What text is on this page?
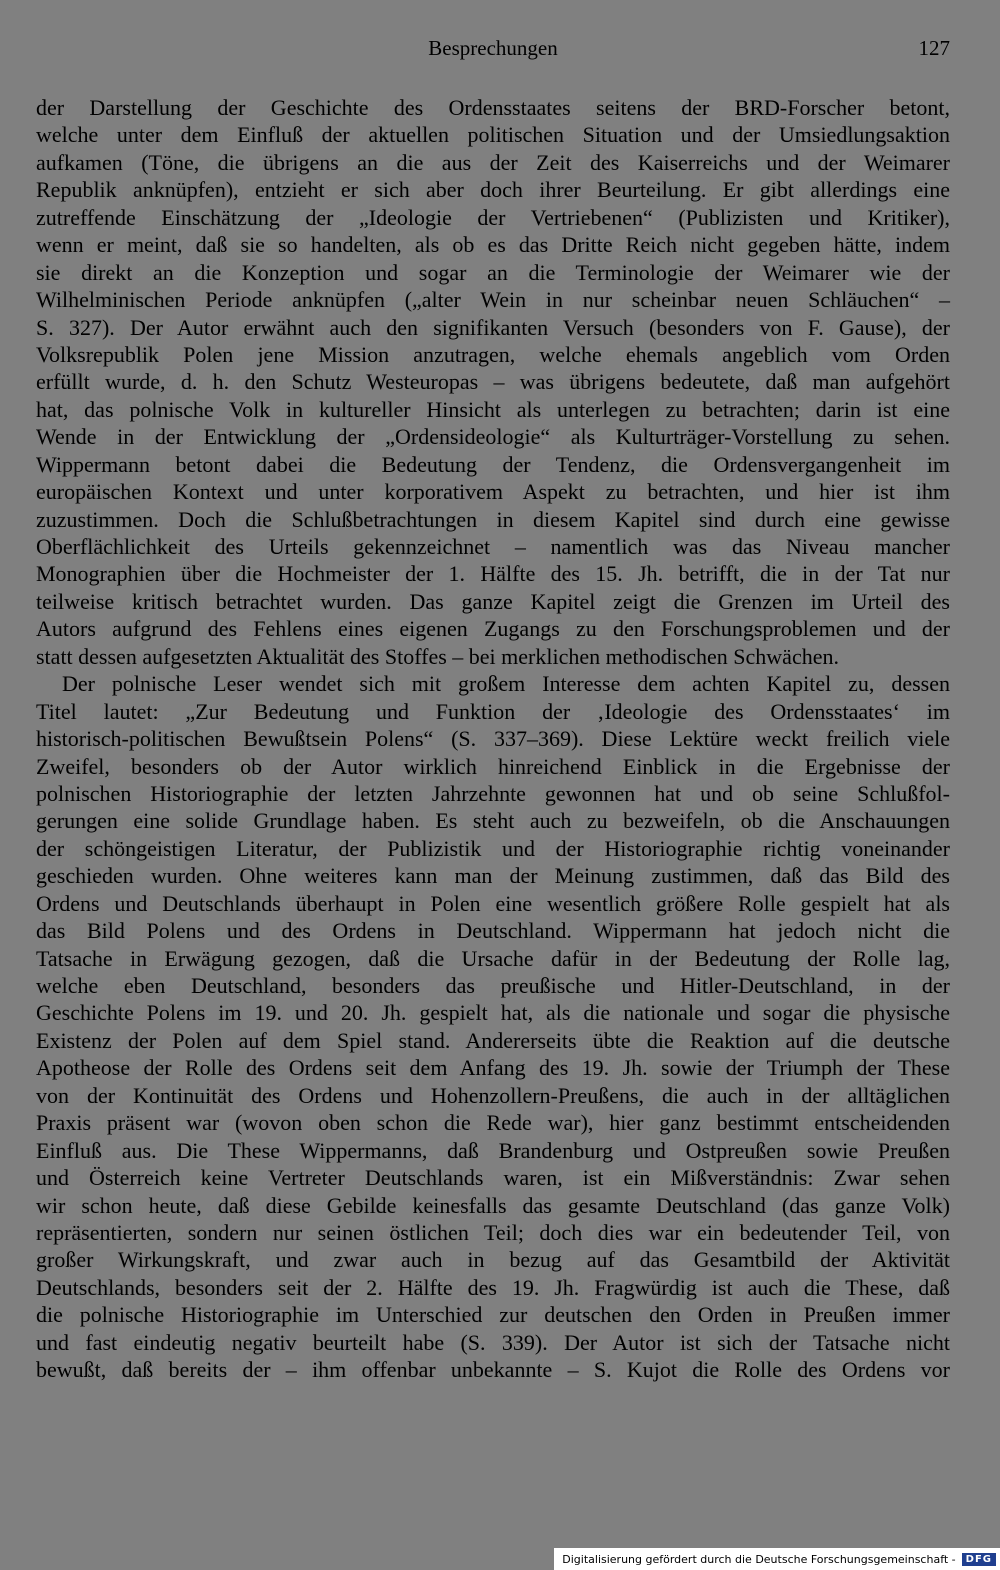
Besprechungen	127
der Darstellung der Geschichte des Ordensstaates seitens der BRD-Forscher betont,
welche unter dem Einfluß der aktuellen politischen Situation und der Umsiedlungsaktion
aufkamen (Töne, die übrigens an die aus der Zeit des Kaiserreichs und der Weimarer
Republik anknüpfen), entzieht er sich aber doch ihrer Beurteilung. Er gibt allerdings eine
zutreffende Einschätzung der „Ideologie der Vertriebenen“ (Publizisten und Kritiker),
wenn er meint, daß sie so handelten, als ob es das Dritte Reich nicht gegeben hätte, indem
sie direkt an die Konzeption und sogar an die Terminologie der Weimarer wie der
Wilhelminischen Periode anknüpfen („alter Wein in nur scheinbar neuen Schläuchen“ –
S. 327). Der Autor erwähnt auch den signifikanten Versuch (besonders von F. Gause), der
Volksrepublik Polen jene Mission anzutragen, welche ehemals angeblich vom Orden
erfüllt wurde, d. h. den Schutz Westeuropas – was übrigens bedeutete, daß man aufgehört
hat, das polnische Volk in kultureller Hinsicht als unterlegen zu betrachten; darin ist eine
Wende in der Entwicklung der „Ordensideologie“ als Kulturträger-Vorstellung zu sehen.
Wippermann betont dabei die Bedeutung der Tendenz, die Ordensvergangenheit im
europäischen Kontext und unter korporativem Aspekt zu betrachten, und hier ist ihm
zuzustimmen. Doch die Schlußbetrachtungen in diesem Kapitel sind durch eine gewisse
Oberflächlichkeit des Urteils gekennzeichnet – namentlich was das Niveau mancher
Monographien über die Hochmeister der 1. Hälfte des 15. Jh. betrifft, die in der Tat nur
teilweise kritisch betrachtet wurden. Das ganze Kapitel zeigt die Grenzen im Urteil des
Autors aufgrund des Fehlens eines eigenen Zugangs zu den Forschungsproblemen und der
statt dessen aufgesetzten Aktualität des Stoffes – bei merklichen methodischen Schwächen.
Der polnische Leser wendet sich mit großem Interesse dem achten Kapitel zu, dessen
Titel lautet: „Zur Bedeutung und Funktion der ‚Ideologie des Ordensstaates‘ im
historisch-politischen Bewußtsein Polens“ (S. 337–369). Diese Lektüre weckt freilich viele
Zweifel, besonders ob der Autor wirklich hinreichend Einblick in die Ergebnisse der
polnischen Historiographie der letzten Jahrzehnte gewonnen hat und ob seine Schlußfol-
gerungen eine solide Grundlage haben. Es steht auch zu bezweifeln, ob die Anschauungen
der schöngeistigen Literatur, der Publizistik und der Historiographie richtig voneinander
geschieden wurden. Ohne weiteres kann man der Meinung zustimmen, daß das Bild des
Ordens und Deutschlands überhaupt in Polen eine wesentlich größere Rolle gespielt hat als
das Bild Polens und des Ordens in Deutschland. Wippermann hat jedoch nicht die
Tatsache in Erwägung gezogen, daß die Ursache dafür in der Bedeutung der Rolle lag,
welche eben Deutschland, besonders das preußische und Hitler-Deutschland, in der
Geschichte Polens im 19. und 20. Jh. gespielt hat, als die nationale und sogar die physische
Existenz der Polen auf dem Spiel stand. Andererseits übte die Reaktion auf die deutsche
Apotheose der Rolle des Ordens seit dem Anfang des 19. Jh. sowie der Triumph der These
von der Kontinuität des Ordens und Hohenzollern-Preußens, die auch in der alltäglichen
Praxis präsent war (wovon oben schon die Rede war), hier ganz bestimmt entscheidenden
Einfluß aus. Die These Wippermanns, daß Brandenburg und Ostpreußen sowie Preußen
und Österreich keine Vertreter Deutschlands waren, ist ein Mißverständnis: Zwar sehen
wir schon heute, daß diese Gebilde keinesfalls das gesamte Deutschland (das ganze Volk)
repräsentierten, sondern nur seinen östlichen Teil; doch dies war ein bedeutender Teil, von
großer Wirkungskraft, und zwar auch in bezug auf das Gesamtbild der Aktivität
Deutschlands, besonders seit der 2. Hälfte des 19. Jh. Fragwürdig ist auch die These, daß
die polnische Historiographie im Unterschied zur deutschen den Orden in Preußen immer
und fast eindeutig negativ beurteilt habe (S. 339). Der Autor ist sich der Tatsache nicht
bewußt, daß bereits der – ihm offenbar unbekannte – S. Kujot die Rolle des Ordens vor
Digitalisierung gefördert durch die Deutsche Forschungsgemeinschaft -	DFG
